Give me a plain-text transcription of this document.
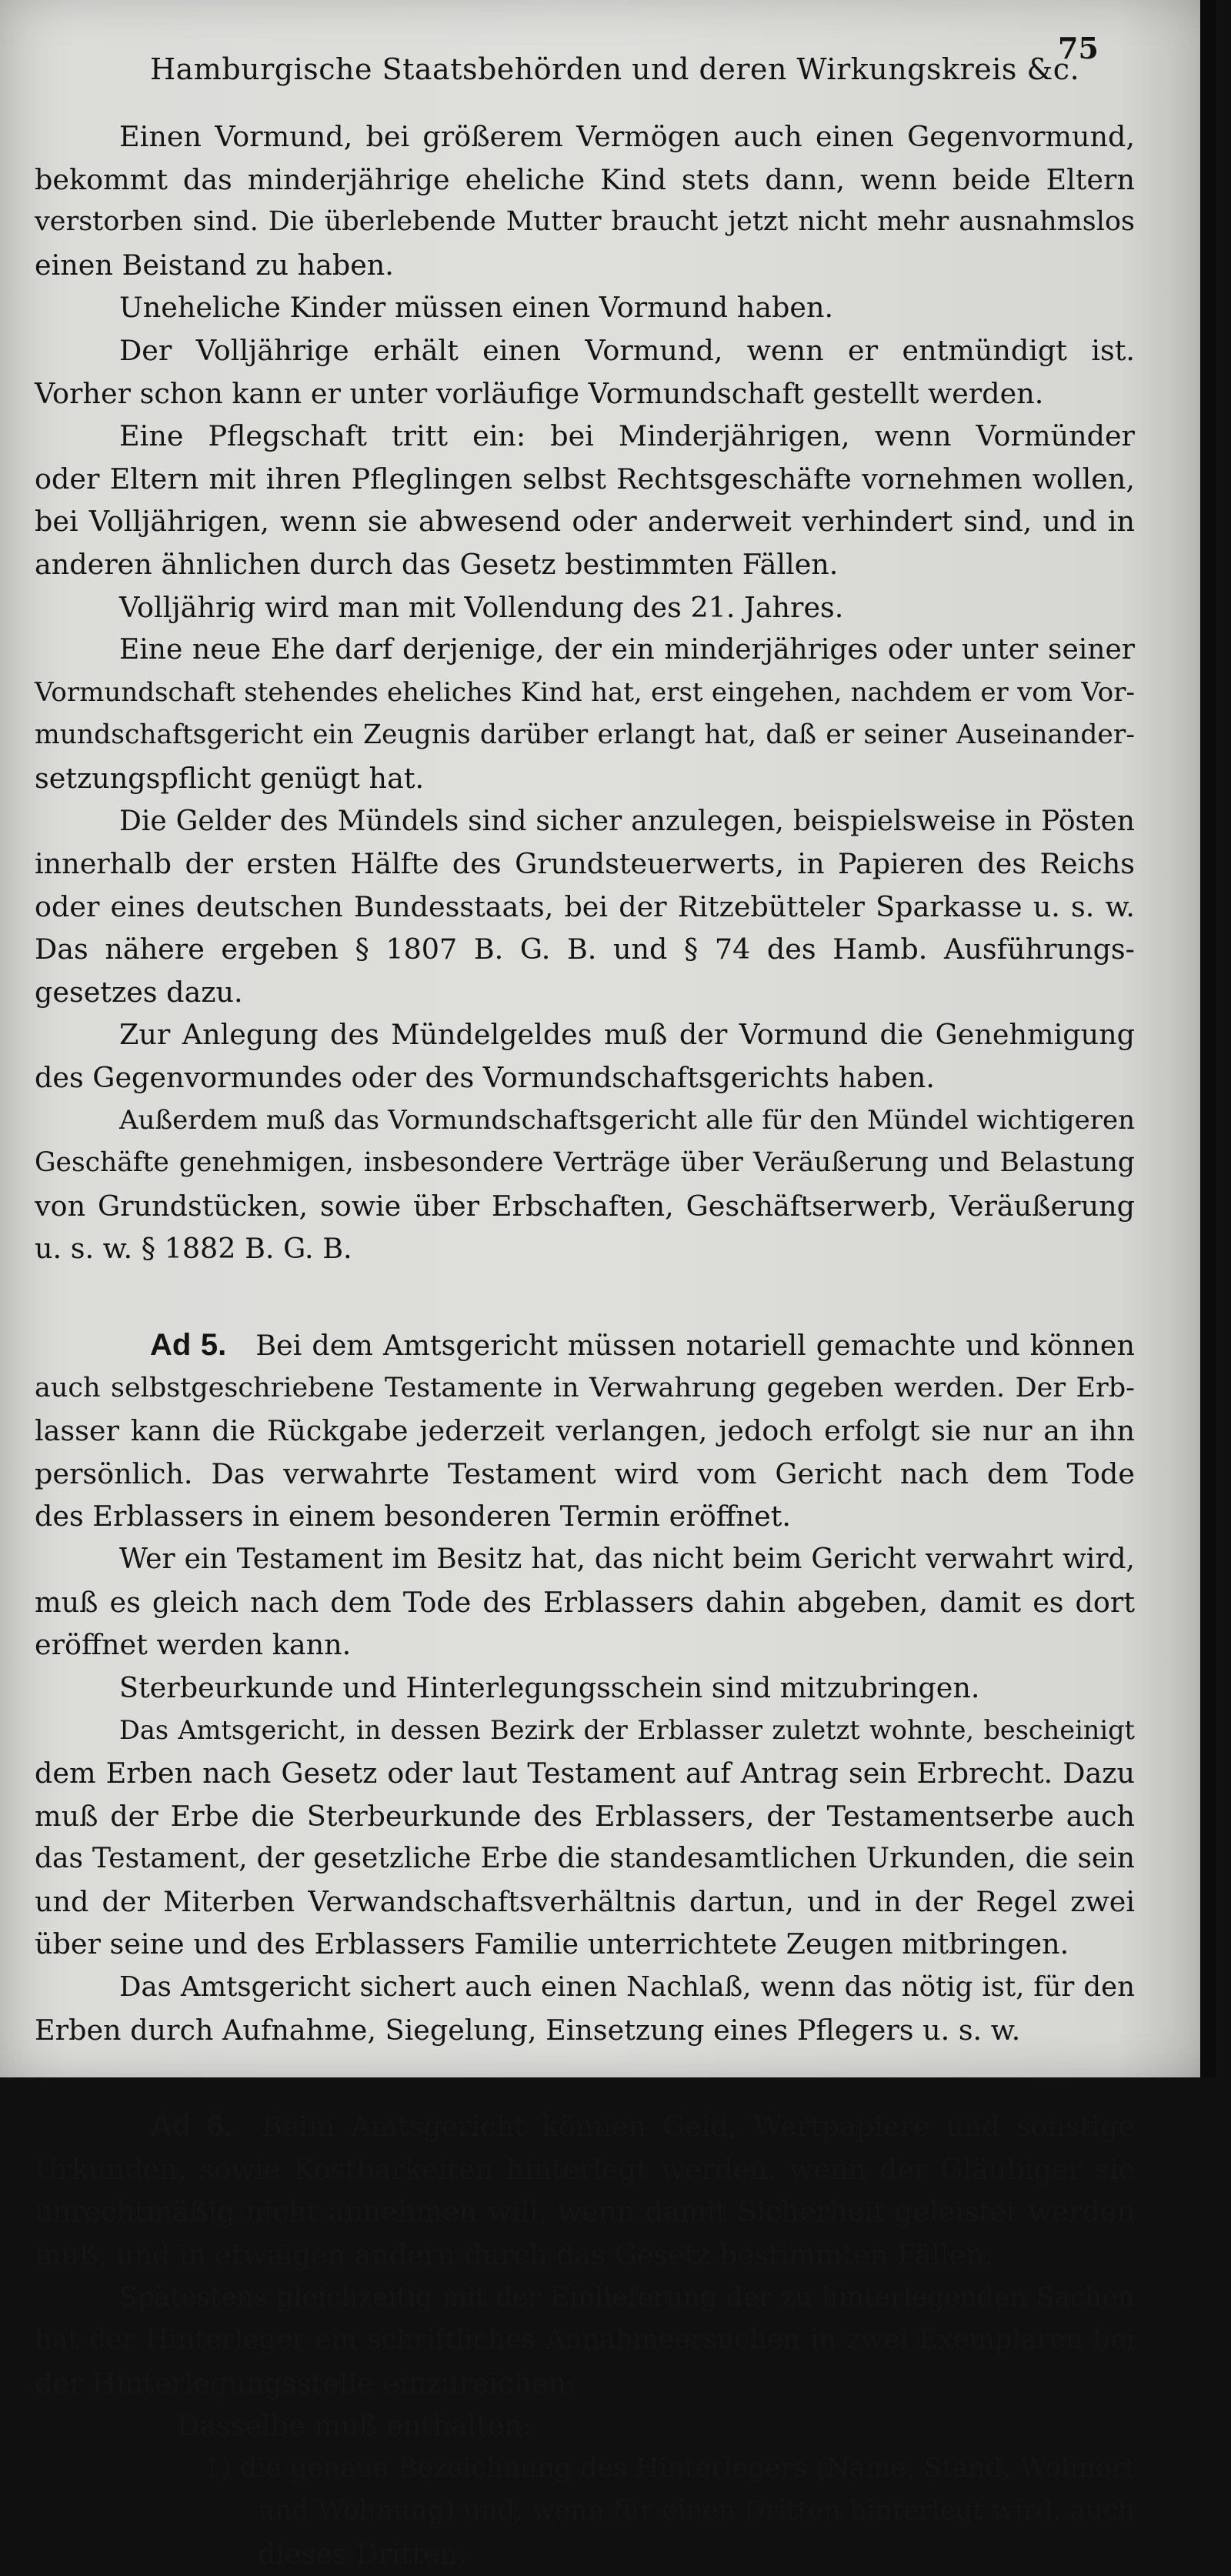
Hamburgische Staatsbehörden und deren Wirkungskreis &c.
75
Einen Vormund, bei größerem Vermögen auch einen Gegenvormund,
bekommt das minderjährige eheliche Kind stets dann, wenn beide Eltern
verstorben sind. Die überlebende Mutter braucht jetzt nicht mehr ausnahmslos
einen Beistand zu haben.
Uneheliche Kinder müssen einen Vormund haben.
Der Volljährige erhält einen Vormund, wenn er entmündigt ist.
Vorher schon kann er unter vorläufige Vormundschaft gestellt werden.
Eine Pflegschaft tritt ein: bei Minderjährigen, wenn Vormünder
oder Eltern mit ihren Pfleglingen selbst Rechtsgeschäfte vornehmen wollen,
bei Volljährigen, wenn sie abwesend oder anderweit verhindert sind, und in
anderen ähnlichen durch das Gesetz bestimmten Fällen.
Volljährig wird man mit Vollendung des 21. Jahres.
Eine neue Ehe darf derjenige, der ein minderjähriges oder unter seiner
Vormundschaft stehendes eheliches Kind hat, erst eingehen, nachdem er vom Vor-
mundschaftsgericht ein Zeugnis darüber erlangt hat, daß er seiner Auseinander-
setzungspflicht genügt hat.
Die Gelder des Mündels sind sicher anzulegen, beispielsweise in Pösten
innerhalb der ersten Hälfte des Grundsteuerwerts, in Papieren des Reichs
oder eines deutschen Bundesstaats, bei der Ritzebütteler Sparkasse u. s. w.
Das nähere ergeben § 1807 B. G. B. und § 74 des Hamb. Ausführungs-
gesetzes dazu.
Zur Anlegung des Mündelgeldes muß der Vormund die Genehmigung
des Gegenvormundes oder des Vormundschaftsgerichts haben.
Außerdem muß das Vormundschaftsgericht alle für den Mündel wichtigeren
Geschäfte genehmigen, insbesondere Verträge über Veräußerung und Belastung
von Grundstücken, sowie über Erbschaften, Geschäftserwerb, Veräußerung
u. s. w. § 1882 B. G. B.
Ad 5. Bei dem Amtsgericht müssen notariell gemachte und können
auch selbstgeschriebene Testamente in Verwahrung gegeben werden. Der Erb-
lasser kann die Rückgabe jederzeit verlangen, jedoch erfolgt sie nur an ihn
persönlich. Das verwahrte Testament wird vom Gericht nach dem Tode
des Erblassers in einem besonderen Termin eröffnet.
Wer ein Testament im Besitz hat, das nicht beim Gericht verwahrt wird,
muß es gleich nach dem Tode des Erblassers dahin abgeben, damit es dort
eröffnet werden kann.
Sterbeurkunde und Hinterlegungsschein sind mitzubringen.
Das Amtsgericht, in dessen Bezirk der Erblasser zuletzt wohnte, bescheinigt
dem Erben nach Gesetz oder laut Testament auf Antrag sein Erbrecht. Dazu
muß der Erbe die Sterbeurkunde des Erblassers, der Testamentserbe auch
das Testament, der gesetzliche Erbe die standesamtlichen Urkunden, die sein
und der Miterben Verwandschaftsverhältnis dartun, und in der Regel zwei
über seine und des Erblassers Familie unterrichtete Zeugen mitbringen.
Das Amtsgericht sichert auch einen Nachlaß, wenn das nötig ist, für den
Erben durch Aufnahme, Siegelung, Einsetzung eines Pflegers u. s. w.
Ad 6. Beim Amtsgericht können Geld, Wertpapiere und sonstige
Urkunden, sowie Kostbarkeiten hinterlegt werden, wenn der Gläubiger sie
unrechtmäßig nicht annehmen will, wenn damit Sicherheit geleistet werden
muß, und in etwaigen andern durch das Gesetz bestimmten Fällen.
Spätestens gleichzeitig mit der Einlieferung der zu hinterlegenden Sachen
hat der Hinterleger ein schriftliches Annahmeersuchen in zwei Exemplaren bei
der Hinterlegungsstelle einzureichen:
Dasselbe muß enthalten:
1) die genaue Bezeichnung des Hinterlegers (Name, Stand, Wohnort
und Wohnung) und, wenn für einen Dritten hinterlegt wird, auch
dieses Dritten;
